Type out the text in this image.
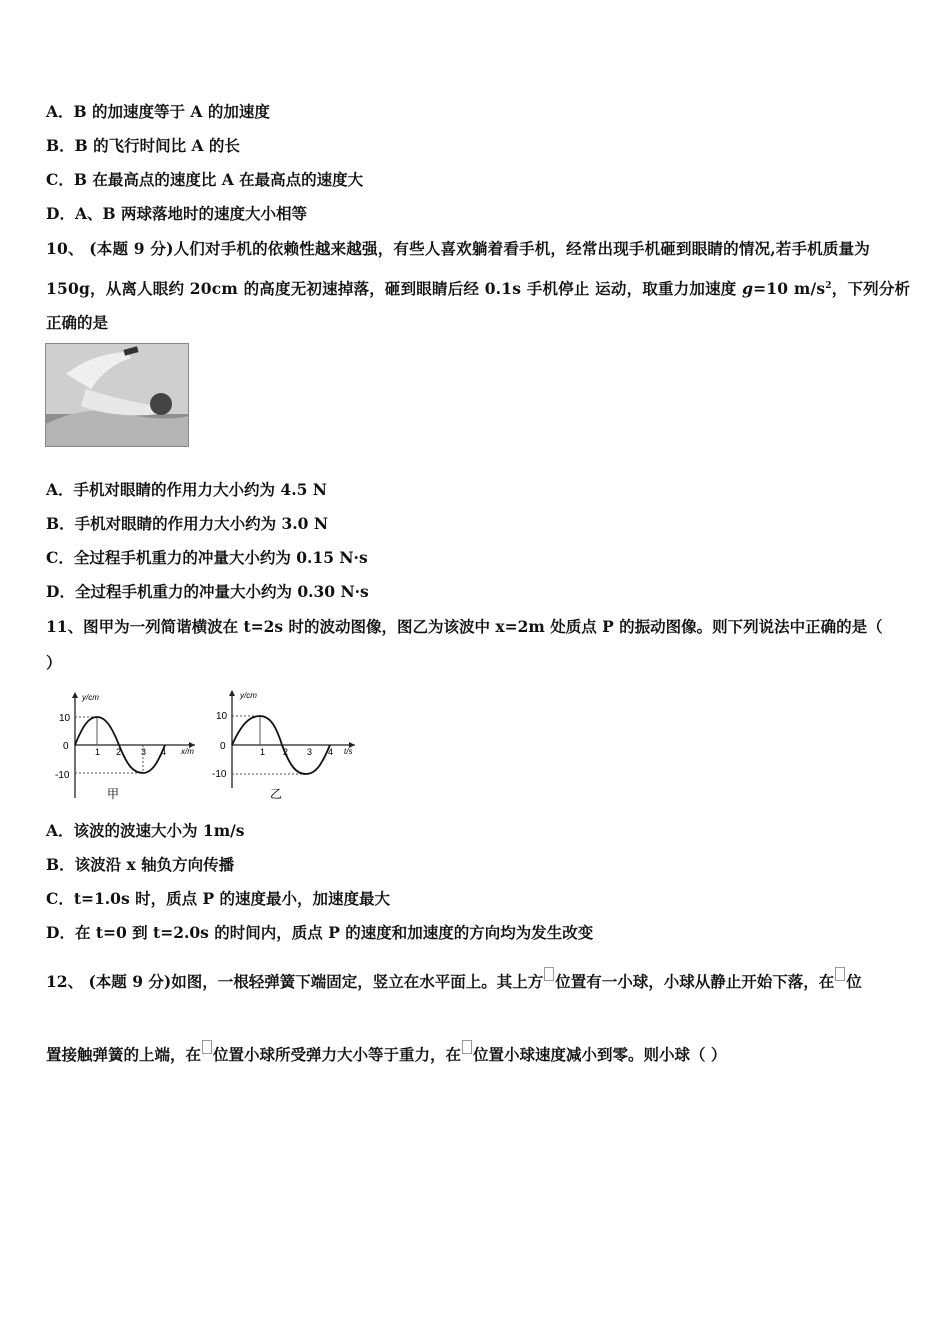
A．B 的加速度等于 A 的加速度
B．B 的飞行时间比 A 的长
C．B 在最高点的速度比 A 在最高点的速度大
D．A、B 两球落地时的速度大小相等
10、 (本题 9 分)人们对手机的依赖性越来越强，有些人喜欢躺着看手机，经常出现手机砸到眼睛的情况,若手机质量为
150g，从离人眼约 20cm 的高度无初速掉落，砸到眼睛后经 0.1s 手机停止 运动，取重力加速度 g=10 $m/s^2$，下列分析
正确的是
A．手机对眼睛的作用力大小约为 4.5 N
B．手机对眼睛的作用力大小约为 3.0 N
C．全过程手机重力的冲量大小约为 0.15 N·s
D．全过程手机重力的冲量大小约为 0.30 N·s
11、图甲为一列简谐横波在 t=2s 时的波动图像，图乙为该波中 x=2m 处质点 P 的振动图像。则下列说法中正确的是（
）
y/cm
x/m
10
0
-10
1 2 3 4
甲
y/cm
t/s
10
0
-10
1 2 3 4
乙
A．该波的波速大小为 1m/s
B．该波沿 x 轴负方向传播
C．t=1.0s 时，质点 P 的速度最小，加速度最大
D．在 t=0 到 t=2.0s 的时间内，质点 P 的速度和加速度的方向均为发生改变
12、 (本题 9 分)如图，一根轻弹簧下端固定，竖立在水平面上。其上方 位置有一小球，小球从静止开始下落，在 位
置接触弹簧的上端，在 位置小球所受弹力大小等于重力，在 位置小球速度减小到零。则小球（ ）
